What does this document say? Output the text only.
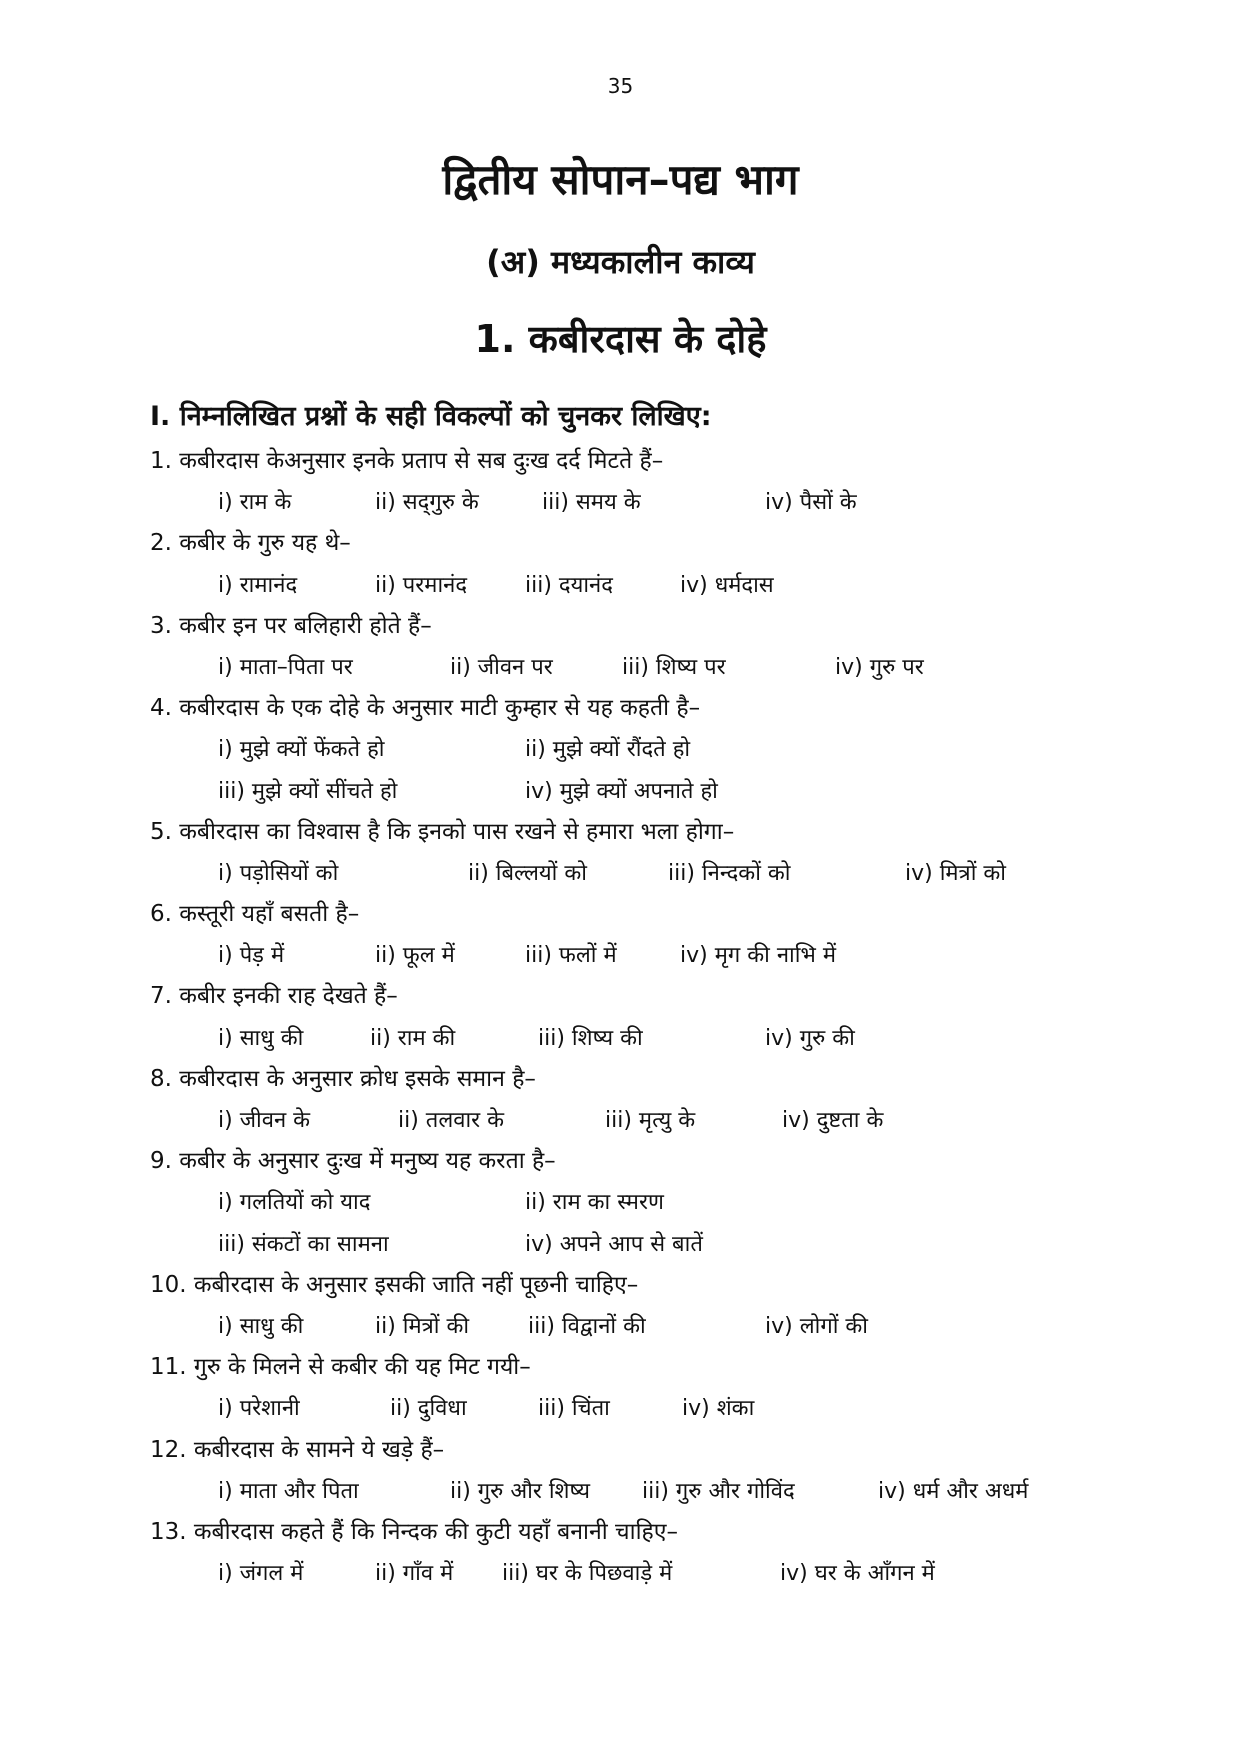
35
द्वितीय सोपान–पद्य भाग
(अ) मध्यकालीन काव्य
1. कबीरदास के दोहे
I. निम्नलिखित प्रश्नों के सही विकल्पों को चुनकर लिखिए:
1. कबीरदास केअनुसार इनके प्रताप से सब दुःख दर्द मिटते हैं–
i) राम के	ii) सद्‌गुरु के	iii) समय के	iv) पैसों के
2. कबीर के गुरु यह थे–
i) रामानंद	ii) परमानंद	iii) दयानंद	iv) धर्मदास
3. कबीर इन पर बलिहारी होते हैं–
i) माता–पिता पर	ii) जीवन पर	iii) शिष्य पर	iv) गुरु पर
4. कबीरदास के एक दोहे के अनुसार माटी कुम्हार से यह कहती है–
i) मुझे क्यों फेंकते हो	ii) मुझे क्यों रौंदते हो
iii) मुझे क्यों सींचते हो	iv) मुझे क्यों अपनाते हो
5. कबीरदास का विश्वास है कि इनको पास रखने से हमारा भला होगा–
i) पड़ोसियों को	ii) बिल्लयों को	iii) निन्दकों को	iv) मित्रों को
6. कस्तूरी यहाँ बसती है–
i) पेड़ में	ii) फूल में	iii) फलों में	iv) मृग की नाभि में
7. कबीर इनकी राह देखते हैं–
i) साधु की	ii) राम की	iii) शिष्य की	iv) गुरु की
8. कबीरदास के अनुसार क्रोध इसके समान है–
i) जीवन के	ii) तलवार के	iii) मृत्यु के	iv) दुष्टता के
9. कबीर के अनुसार दुःख में मनुष्य यह करता है–
i) गलतियों को याद	ii) राम का स्मरण
iii) संकटों का सामना	iv) अपने आप से बातें
10. कबीरदास के अनुसार इसकी जाति नहीं पूछनी चाहिए–
i) साधु की	ii) मित्रों की	iii) विद्वानों की	iv) लोगों की
11. गुरु के मिलने से कबीर की यह मिट गयी–
i) परेशानी	ii) दुविधा	iii) चिंता	iv) शंका
12. कबीरदास के सामने ये खड़े हैं–
i) माता और पिता	ii) गुरु और शिष्य iii) गुरु और गोविंद	iv) धर्म और अधर्म
13. कबीरदास कहते हैं कि निन्दक की कुटी यहाँ बनानी चाहिए–
i) जंगल में	ii) गाँव में iii) घर के पिछवाड़े में	iv) घर के आँगन में
